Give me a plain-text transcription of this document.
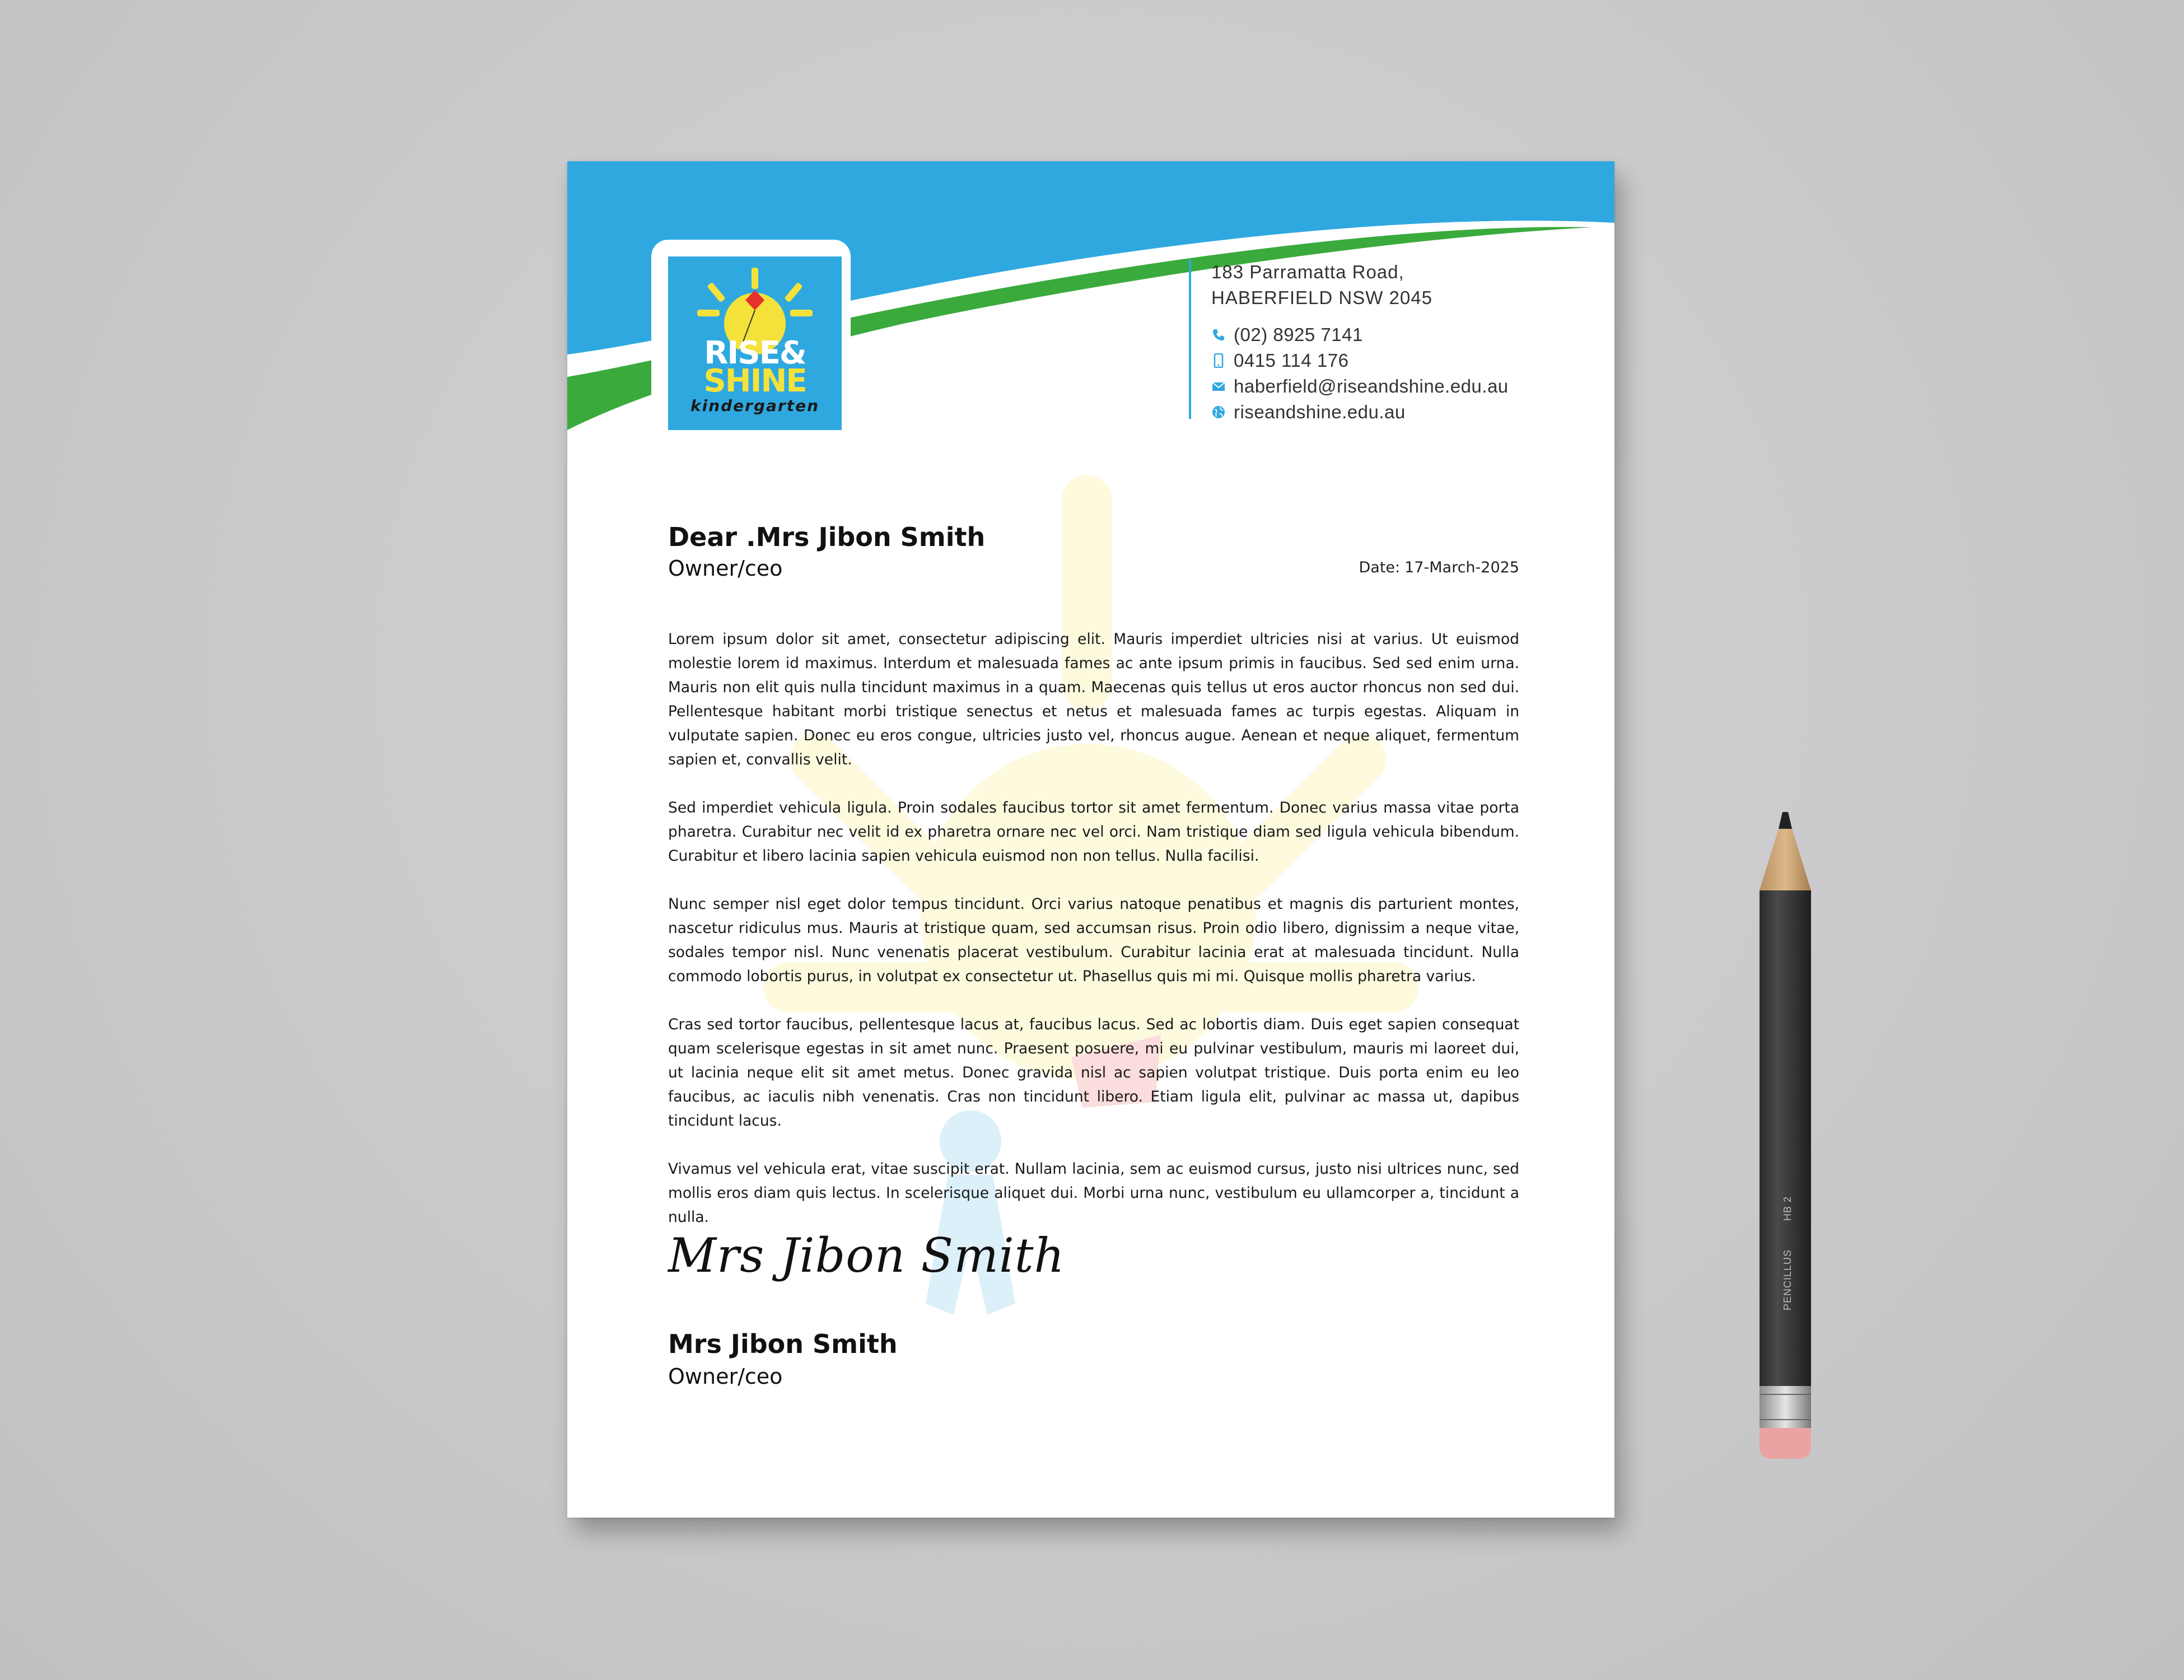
RISE&
SHINE
kindergarten
183 Parramatta Road,
HABERFIELD NSW 2045
(02) 8925 7141
0415 114 176
haberfield@riseandshine.edu.au
riseandshine.edu.au
Dear .Mrs Jibon Smith
Owner/ceo	Date: 17-March-2025

Lorem ipsum dolor sit amet, consectetur adipiscing elit. Mauris imperdiet ultricies nisi at varius. Ut euismod molestie lorem id maximus. Interdum et malesuada fames ac ante ipsum primis in faucibus. Sed sed enim urna. Mauris non elit quis nulla tincidunt maximus in a quam. Maecenas quis tellus ut eros auctor rhoncus non sed dui. Pellentesque habitant morbi tristique senectus et netus et malesuada fames ac turpis egestas. Aliquam in vulputate sapien. Donec eu eros congue, ultricies justo vel, rhoncus augue. Aenean et neque aliquet, fermentum sapien et, convallis velit.

Sed imperdiet vehicula ligula. Proin sodales faucibus tortor sit amet fermentum. Donec varius massa vitae porta pharetra. Curabitur nec velit id ex pharetra ornare nec vel orci. Nam tristique diam sed ligula vehicula bibendum. Curabitur et libero lacinia sapien vehicula euismod non non tellus. Nulla facilisi.

Nunc semper nisl eget dolor tempus tincidunt. Orci varius natoque penatibus et magnis dis parturient montes, nascetur ridiculus mus. Mauris at tristique quam, sed accumsan risus. Proin odio libero, dignissim a neque vitae, sodales tempor nisl. Nunc venenatis placerat vestibulum. Curabitur lacinia erat at malesuada tincidunt. Nulla commodo lobortis purus, in volutpat ex consectetur ut. Phasellus quis mi mi. Quisque mollis pharetra varius.

Cras sed tortor faucibus, pellentesque lacus at, faucibus lacus. Sed ac lobortis diam. Duis eget sapien consequat quam scelerisque egestas in sit amet nunc. Praesent posuere, mi eu pulvinar vestibulum, mauris mi laoreet dui, ut lacinia neque elit sit amet metus. Donec gravida nisl ac sapien volutpat tristique. Duis porta enim eu leo faucibus, ac iaculis nibh venenatis. Cras non tincidunt libero. Etiam ligula elit, pulvinar ac massa ut, dapibus tincidunt lacus.

Vivamus vel vehicula erat, vitae suscipit erat. Nullam lacinia, sem ac euismod cursus, justo nisi ultrices nunc, sed mollis eros diam quis lectus. In scelerisque aliquet dui. Morbi urna nunc, vestibulum eu ullamcorper a, tincidunt a nulla.

Mrs Jibon Smith
Mrs Jibon Smith
Owner/ceo
PENCILLUS
HB 2
